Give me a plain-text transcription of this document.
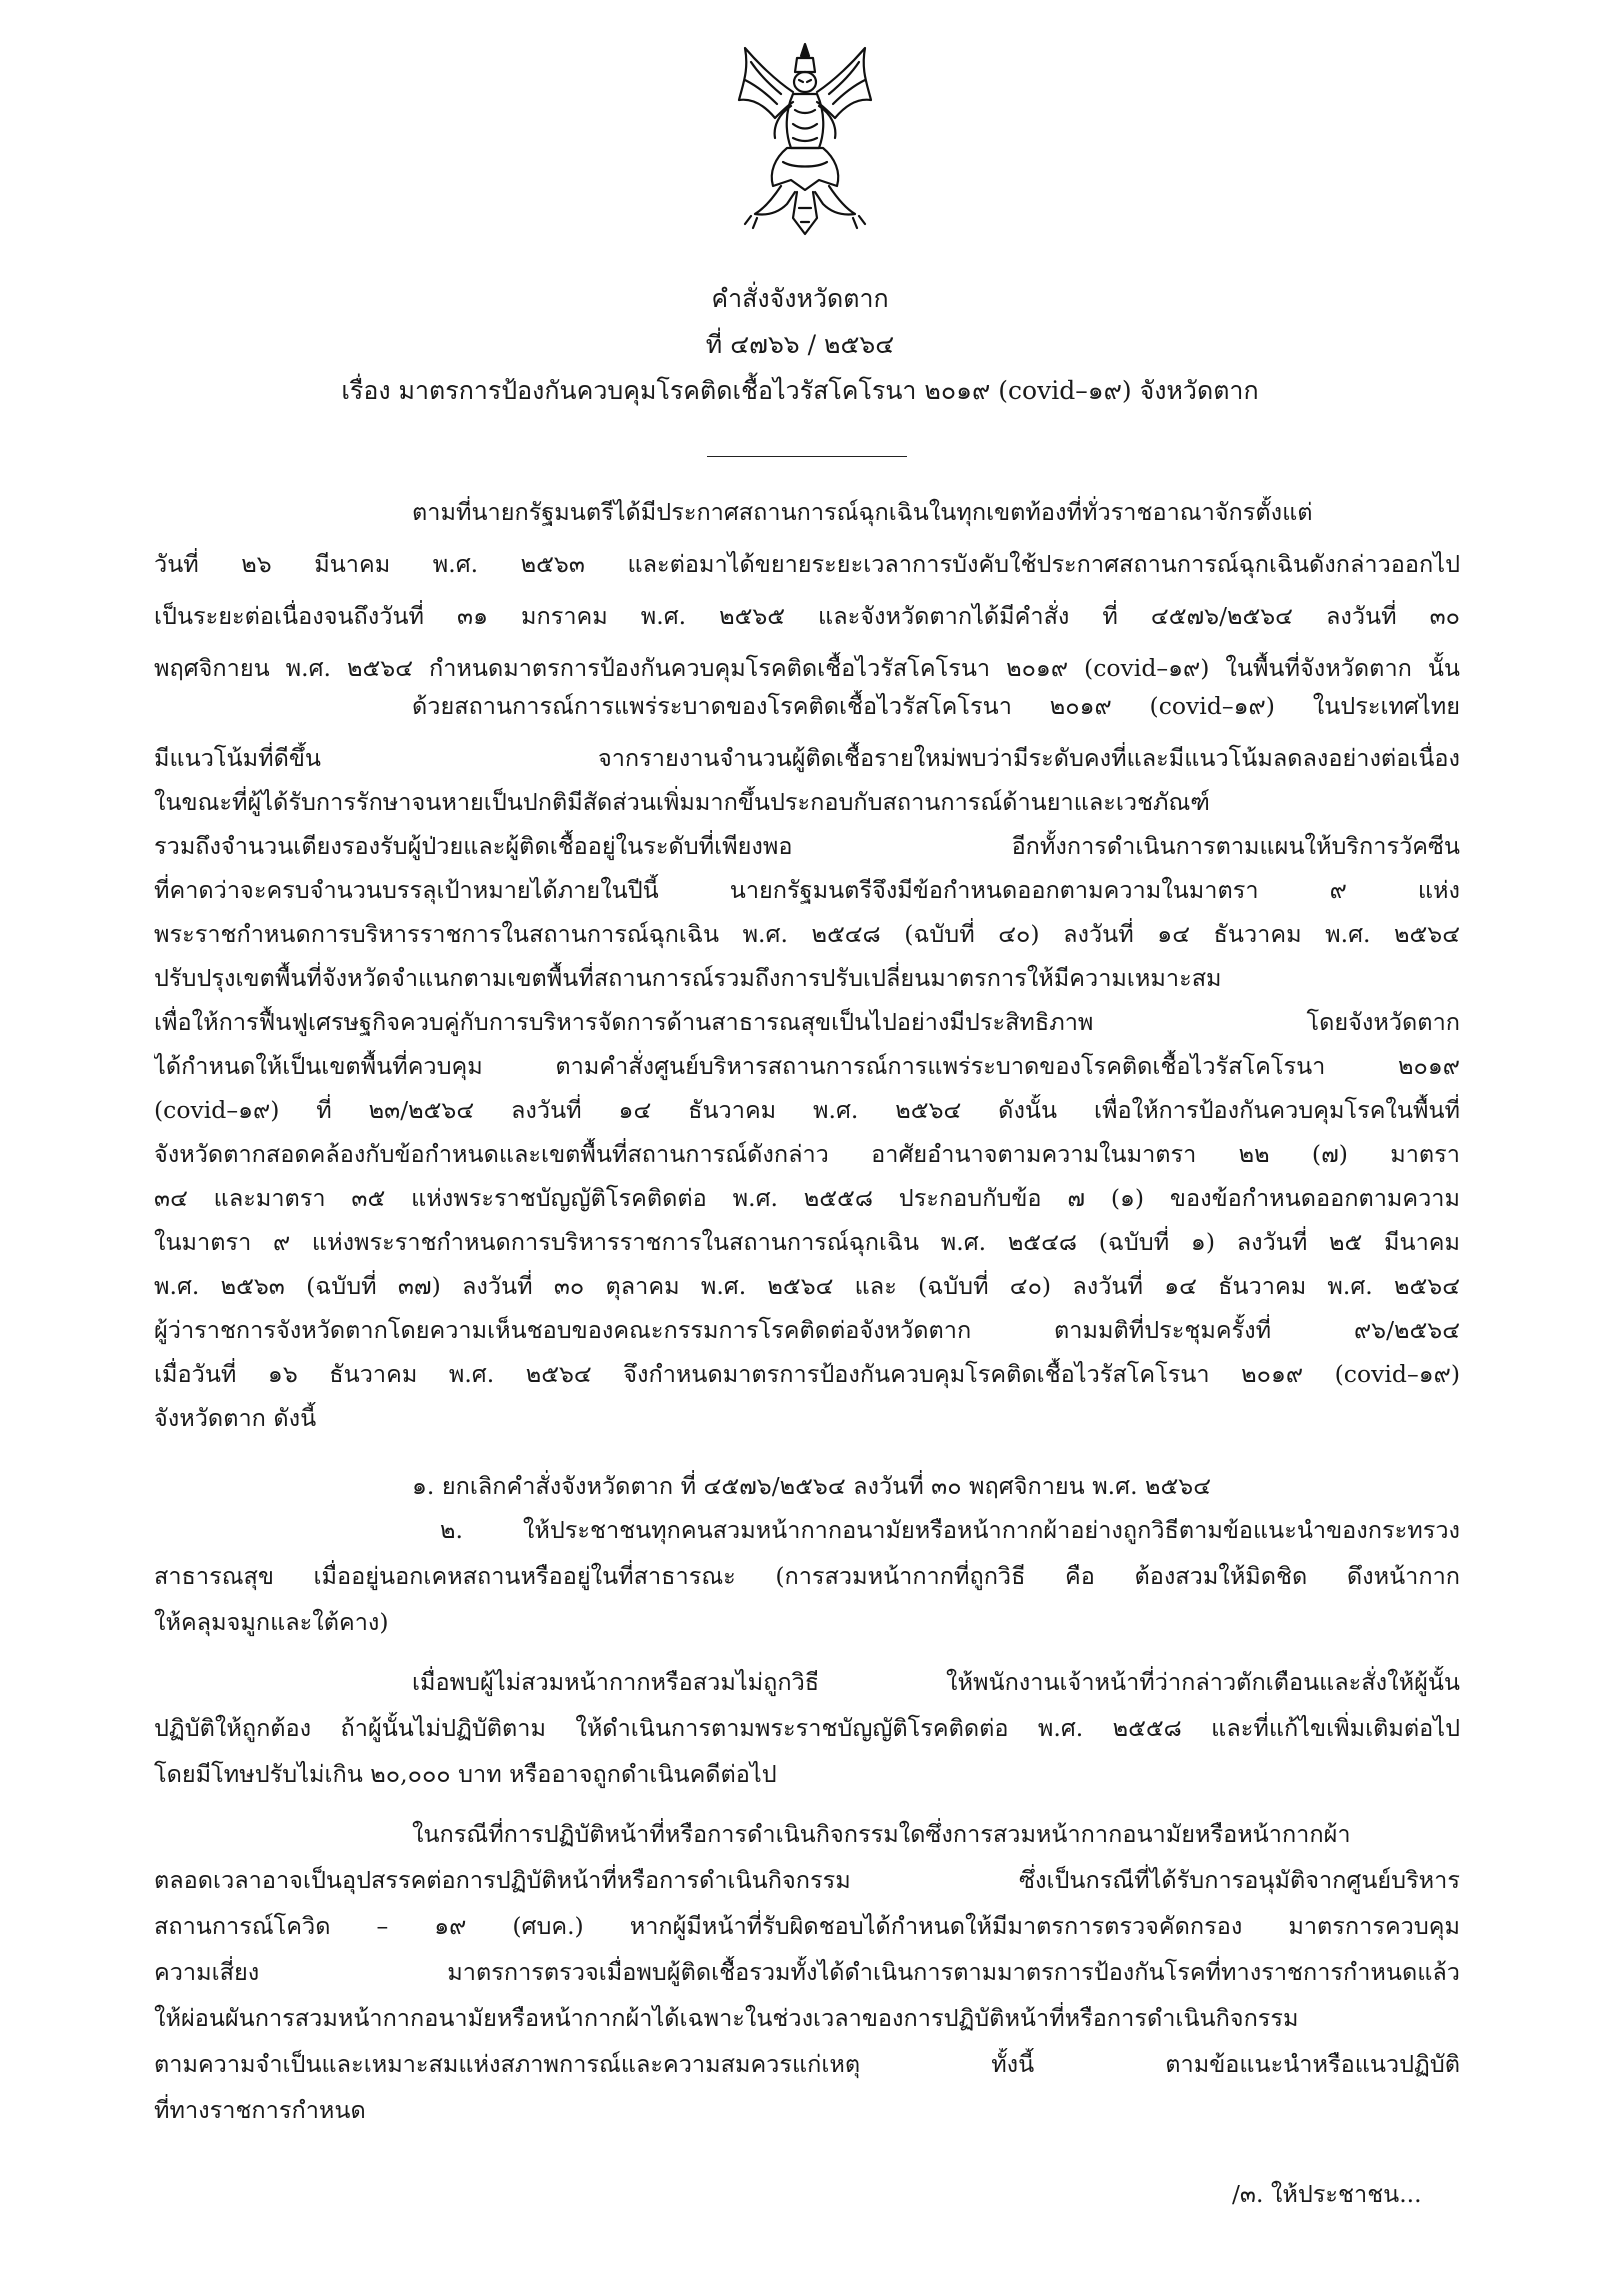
คำสั่งจังหวัดตาก
ที่ ๔๗๖๖ / ๒๕๖๔
เรื่อง มาตรการป้องกันควบคุมโรคติดเชื้อไวรัสโคโรนา ๒๐๑๙ (covid–๑๙) จังหวัดตาก
ตามที่นายกรัฐมนตรีได้มีประกาศสถานการณ์ฉุกเฉินในทุกเขตท้องที่ทั่วราชอาณาจักรตั้งแต่
วันที่ ๒๖ มีนาคม พ.ศ. ๒๕๖๓ และต่อมาได้ขยายระยะเวลาการบังคับใช้ประกาศสถานการณ์ฉุกเฉินดังกล่าวออกไป
เป็นระยะต่อเนื่องจนถึงวันที่ ๓๑ มกราคม พ.ศ. ๒๕๖๕ และจังหวัดตากได้มีคำสั่ง ที่ ๔๕๗๖/๒๕๖๔ ลงวันที่ ๓๐
พฤศจิกายน พ.ศ. ๒๕๖๔ กำหนดมาตรการป้องกันควบคุมโรคติดเชื้อไวรัสโคโรนา ๒๐๑๙ (covid–๑๙) ในพื้นที่จังหวัดตาก นั้น
ด้วยสถานการณ์การแพร่ระบาดของโรคติดเชื้อไวรัสโคโรนา ๒๐๑๙ (covid–๑๙) ในประเทศไทย
มีแนวโน้มที่ดีขึ้น จากรายงานจำนวนผู้ติดเชื้อรายใหม่พบว่ามีระดับคงที่และมีแนวโน้มลดลงอย่างต่อเนื่อง
ในขณะที่ผู้ได้รับการรักษาจนหายเป็นปกติมีสัดส่วนเพิ่มมากขึ้นประกอบกับสถานการณ์ด้านยาและเวชภัณฑ์
รวมถึงจำนวนเตียงรองรับผู้ป่วยและผู้ติดเชื้ออยู่ในระดับที่เพียงพอ อีกทั้งการดำเนินการตามแผนให้บริการวัคซีน
ที่คาดว่าจะครบจำนวนบรรลุเป้าหมายได้ภายในปีนี้ นายกรัฐมนตรีจึงมีข้อกำหนดออกตามความในมาตรา ๙ แห่ง
พระราชกำหนดการบริหารราชการในสถานการณ์ฉุกเฉิน พ.ศ. ๒๕๔๘ (ฉบับที่ ๔๐) ลงวันที่ ๑๔ ธันวาคม พ.ศ. ๒๕๖๔
ปรับปรุงเขตพื้นที่จังหวัดจำแนกตามเขตพื้นที่สถานการณ์รวมถึงการปรับเปลี่ยนมาตรการให้มีความเหมาะสม
เพื่อให้การฟื้นฟูเศรษฐกิจควบคู่กับการบริหารจัดการด้านสาธารณสุขเป็นไปอย่างมีประสิทธิภาพ โดยจังหวัดตาก
ได้กำหนดให้เป็นเขตพื้นที่ควบคุม ตามคำสั่งศูนย์บริหารสถานการณ์การแพร่ระบาดของโรคติดเชื้อไวรัสโคโรนา ๒๐๑๙
(covid–๑๙) ที่ ๒๓/๒๕๖๔ ลงวันที่ ๑๔ ธันวาคม พ.ศ. ๒๕๖๔ ดังนั้น เพื่อให้การป้องกันควบคุมโรคในพื้นที่
จังหวัดตากสอดคล้องกับข้อกำหนดและเขตพื้นที่สถานการณ์ดังกล่าว อาศัยอำนาจตามความในมาตรา ๒๒ (๗) มาตรา
๓๔ และมาตรา ๓๕ แห่งพระราชบัญญัติโรคติดต่อ พ.ศ. ๒๕๕๘ ประกอบกับข้อ ๗ (๑) ของข้อกำหนดออกตามความ
ในมาตรา ๙ แห่งพระราชกำหนดการบริหารราชการในสถานการณ์ฉุกเฉิน พ.ศ. ๒๕๔๘ (ฉบับที่ ๑) ลงวันที่ ๒๕ มีนาคม
พ.ศ. ๒๕๖๓ (ฉบับที่ ๓๗) ลงวันที่ ๓๐ ตุลาคม พ.ศ. ๒๕๖๔ และ (ฉบับที่ ๔๐) ลงวันที่ ๑๔ ธันวาคม พ.ศ. ๒๕๖๔
ผู้ว่าราชการจังหวัดตากโดยความเห็นชอบของคณะกรรมการโรคติดต่อจังหวัดตาก ตามมติที่ประชุมครั้งที่ ๙๖/๒๕๖๔
เมื่อวันที่ ๑๖ ธันวาคม พ.ศ. ๒๕๖๔ จึงกำหนดมาตรการป้องกันควบคุมโรคติดเชื้อไวรัสโคโรนา ๒๐๑๙ (covid–๑๙)
จังหวัดตาก ดังนี้
๑. ยกเลิกคำสั่งจังหวัดตาก ที่ ๔๕๗๖/๒๕๖๔ ลงวันที่ ๓๐ พฤศจิกายน พ.ศ. ๒๕๖๔
๒. ให้ประชาชนทุกคนสวมหน้ากากอนามัยหรือหน้ากากผ้าอย่างถูกวิธีตามข้อแนะนำของกระทรวง
สาธารณสุข เมื่ออยู่นอกเคหสถานหรืออยู่ในที่สาธารณะ (การสวมหน้ากากที่ถูกวิธี คือ ต้องสวมให้มิดชิด ดึงหน้ากาก
ให้คลุมจมูกและใต้คาง)
เมื่อพบผู้ไม่สวมหน้ากากหรือสวมไม่ถูกวิธี ให้พนักงานเจ้าหน้าที่ว่ากล่าวตักเตือนและสั่งให้ผู้นั้น
ปฏิบัติให้ถูกต้อง ถ้าผู้นั้นไม่ปฏิบัติตาม ให้ดำเนินการตามพระราชบัญญัติโรคติดต่อ พ.ศ. ๒๕๕๘ และที่แก้ไขเพิ่มเติมต่อไป
โดยมีโทษปรับไม่เกิน ๒๐,๐๐๐ บาท หรืออาจถูกดำเนินคดีต่อไป
ในกรณีที่การปฏิบัติหน้าที่หรือการดำเนินกิจกรรมใดซึ่งการสวมหน้ากากอนามัยหรือหน้ากากผ้า
ตลอดเวลาอาจเป็นอุปสรรคต่อการปฏิบัติหน้าที่หรือการดำเนินกิจกรรม ซึ่งเป็นกรณีที่ได้รับการอนุมัติจากศูนย์บริหาร
สถานการณ์โควิด – ๑๙ (ศบค.) หากผู้มีหน้าที่รับผิดชอบได้กำหนดให้มีมาตรการตรวจคัดกรอง มาตรการควบคุม
ความเสี่ยง มาตรการตรวจเมื่อพบผู้ติดเชื้อรวมทั้งได้ดำเนินการตามมาตรการป้องกันโรคที่ทางราชการกำหนดแล้ว
ให้ผ่อนผันการสวมหน้ากากอนามัยหรือหน้ากากผ้าได้เฉพาะในช่วงเวลาของการปฏิบัติหน้าที่หรือการดำเนินกิจกรรม
ตามความจำเป็นและเหมาะสมแห่งสภาพการณ์และความสมควรแก่เหตุ ทั้งนี้ ตามข้อแนะนำหรือแนวปฏิบัติ
ที่ทางราชการกำหนด
/๓. ให้ประชาชน...
